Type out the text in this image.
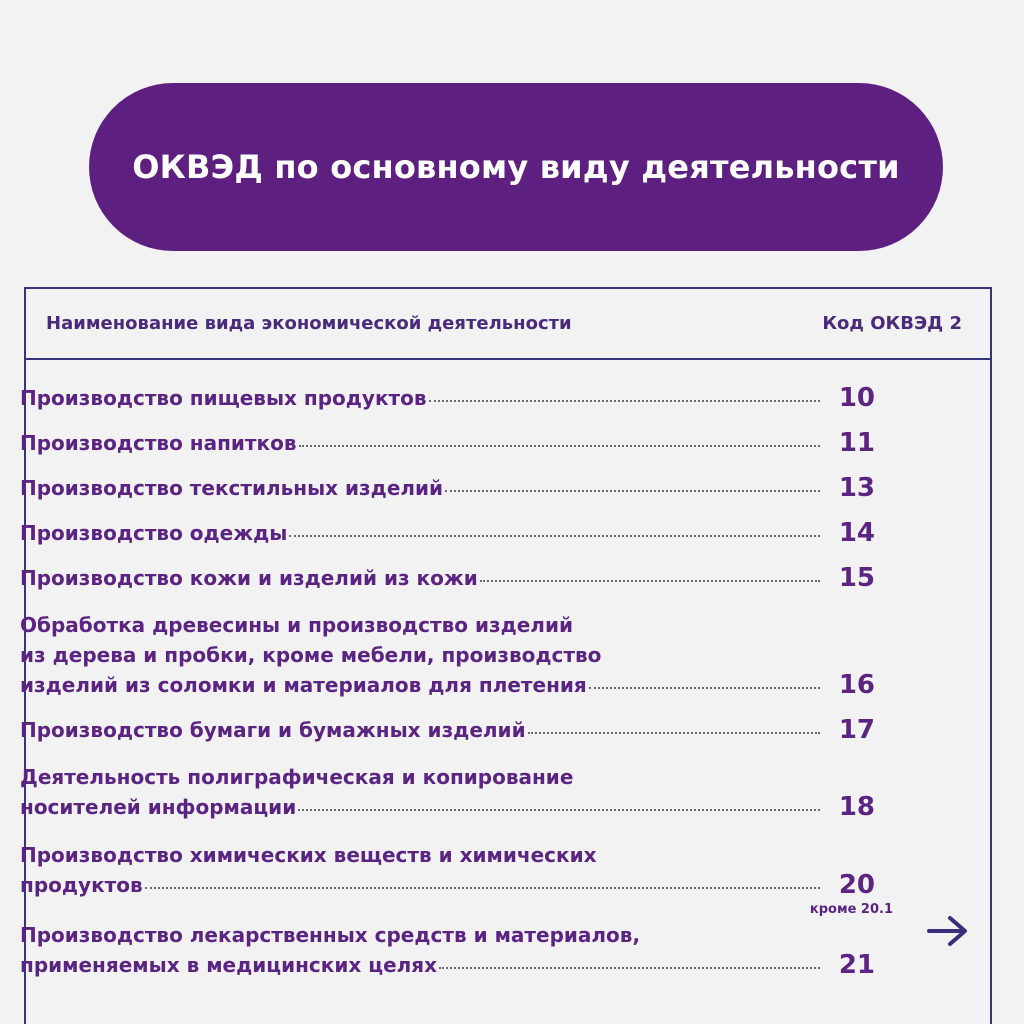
ОКВЭД по основному виду деятельности
Наименование вида экономической деятельности	Код ОКВЭД 2
Производство пищевых продуктов	10
Производство напитков	11
Производство текстильных изделий	13
Производство одежды	14
Производство кожи и изделий из кожи	15
Обработка древесины и производство изделий
из дерева и пробки, кроме мебели, производство
изделий из соломки и материалов для плетения	16
Производство бумаги и бумажных изделий	17
Деятельность полиграфическая и копирование
носителей информации	18
Производство химических веществ и химических
продуктов	20
кроме 20.1
Производство лекарственных средств и материалов,
применяемых в медицинских целях	21
